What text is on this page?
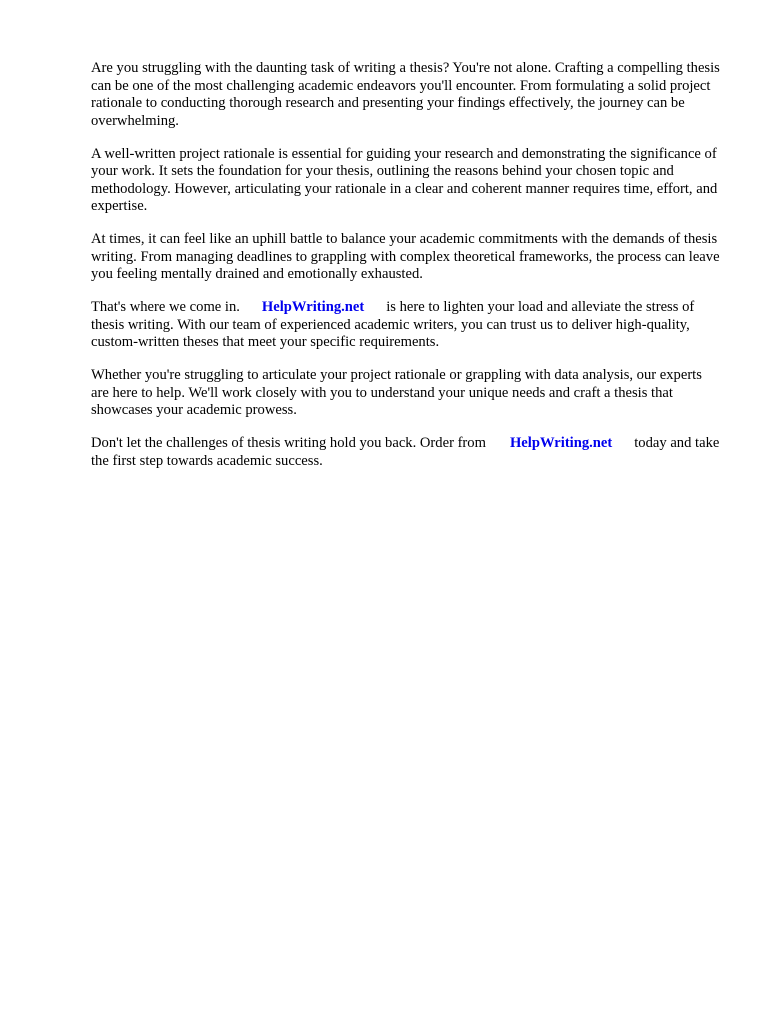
Are you struggling with the daunting task of writing a thesis? You're not alone. Crafting a compelling thesis can be one of the most challenging academic endeavors you'll encounter. From formulating a solid project rationale to conducting thorough research and presenting your findings effectively, the journey can be overwhelming.

A well-written project rationale is essential for guiding your research and demonstrating the significance of your work. It sets the foundation for your thesis, outlining the reasons behind your chosen topic and methodology. However, articulating your rationale in a clear and coherent manner requires time, effort, and expertise.

At times, it can feel like an uphill battle to balance your academic commitments with the demands of thesis writing. From managing deadlines to grappling with complex theoretical frameworks, the process can leave you feeling mentally drained and emotionally exhausted.

That's where we come in. HelpWriting.net is here to lighten your load and alleviate the stress of thesis writing. With our team of experienced academic writers, you can trust us to deliver high-quality, custom-written theses that meet your specific requirements.

Whether you're struggling to articulate your project rationale or grappling with data analysis, our experts are here to help. We'll work closely with you to understand your unique needs and craft a thesis that showcases your academic prowess.

Don't let the challenges of thesis writing hold you back. Order from HelpWriting.net today and take the first step towards academic success.
